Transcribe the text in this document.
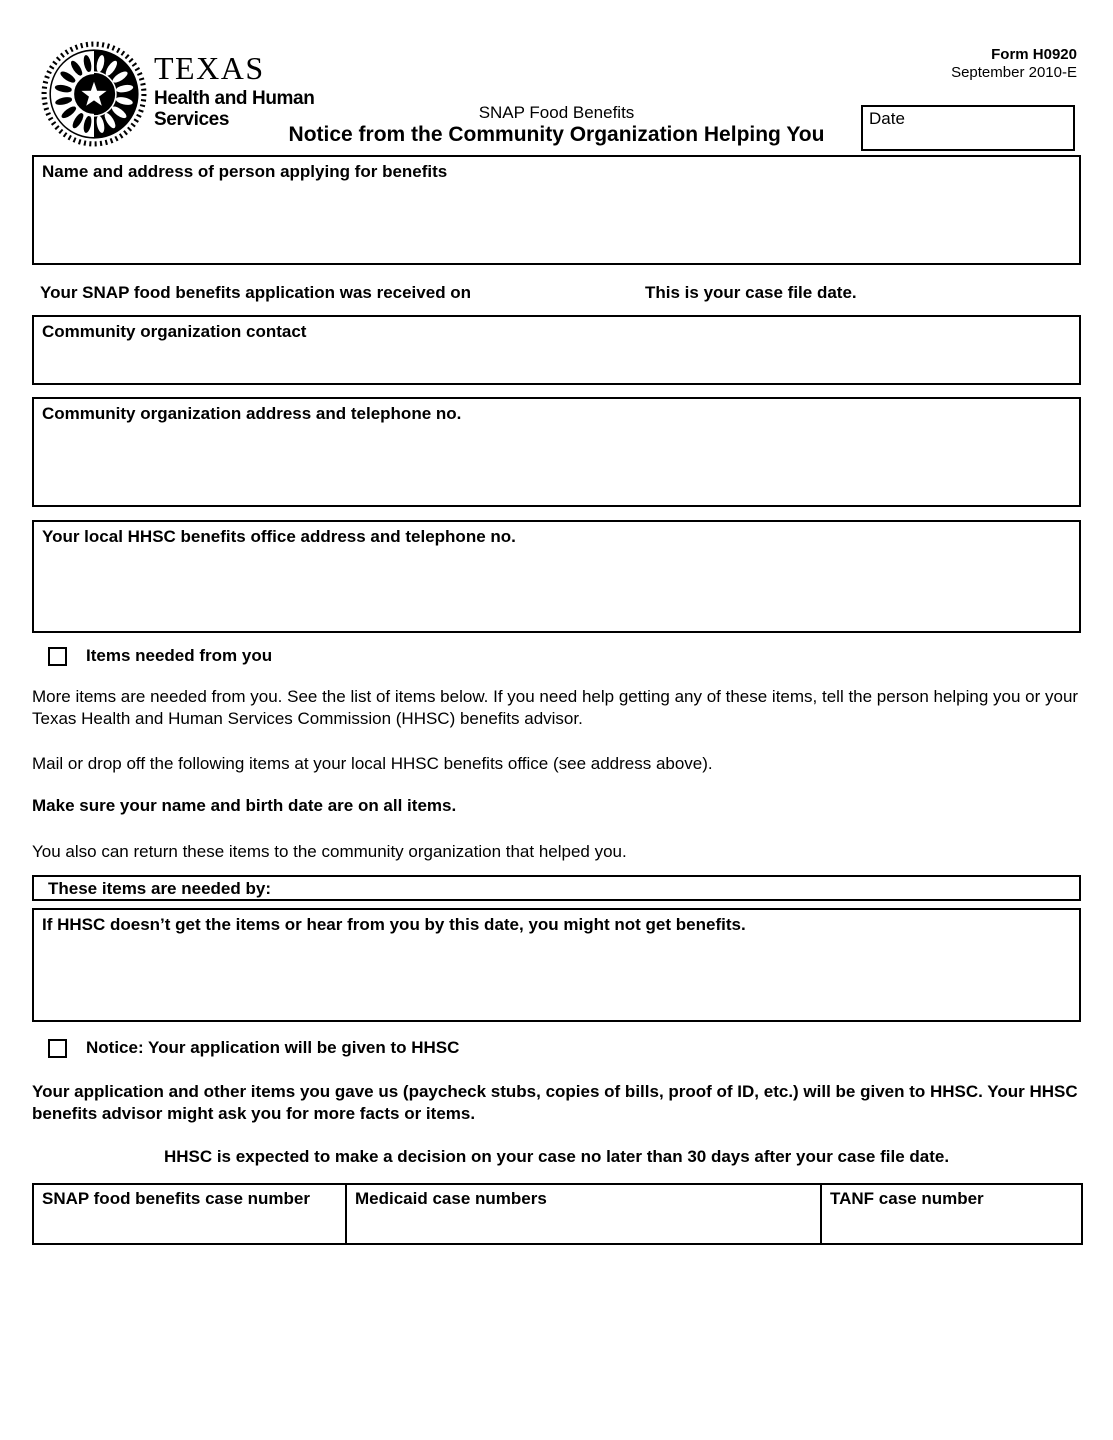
TEXAS
Health and Human
Services
Form H0920
September 2010-E
SNAP Food Benefits
Notice from the Community Organization Helping You
Date
Name and address of person applying for benefits
Your SNAP food benefits application was received on	This is your case file date.
Community organization contact
Community organization address and telephone no.
Your local HHSC benefits office address and telephone no.
Items needed from you
More items are needed from you. See the list of items below. If you need help getting any of these items, tell the person helping you or your Texas Health and Human Services Commission (HHSC) benefits advisor.
Mail or drop off the following items at your local HHSC benefits office (see address above).
Make sure your name and birth date are on all items.
You also can return these items to the community organization that helped you.
These items are needed by:
If HHSC doesn’t get the items or hear from you by this date, you might not get benefits.
Notice: Your application will be given to HHSC
Your application and other items you gave us (paycheck stubs, copies of bills, proof of ID, etc.) will be given to HHSC. Your HHSC benefits advisor might ask you for more facts or items.
HHSC is expected to make a decision on your case no later than 30 days after your case file date.
SNAP food benefits case number	Medicaid case numbers	TANF case number
